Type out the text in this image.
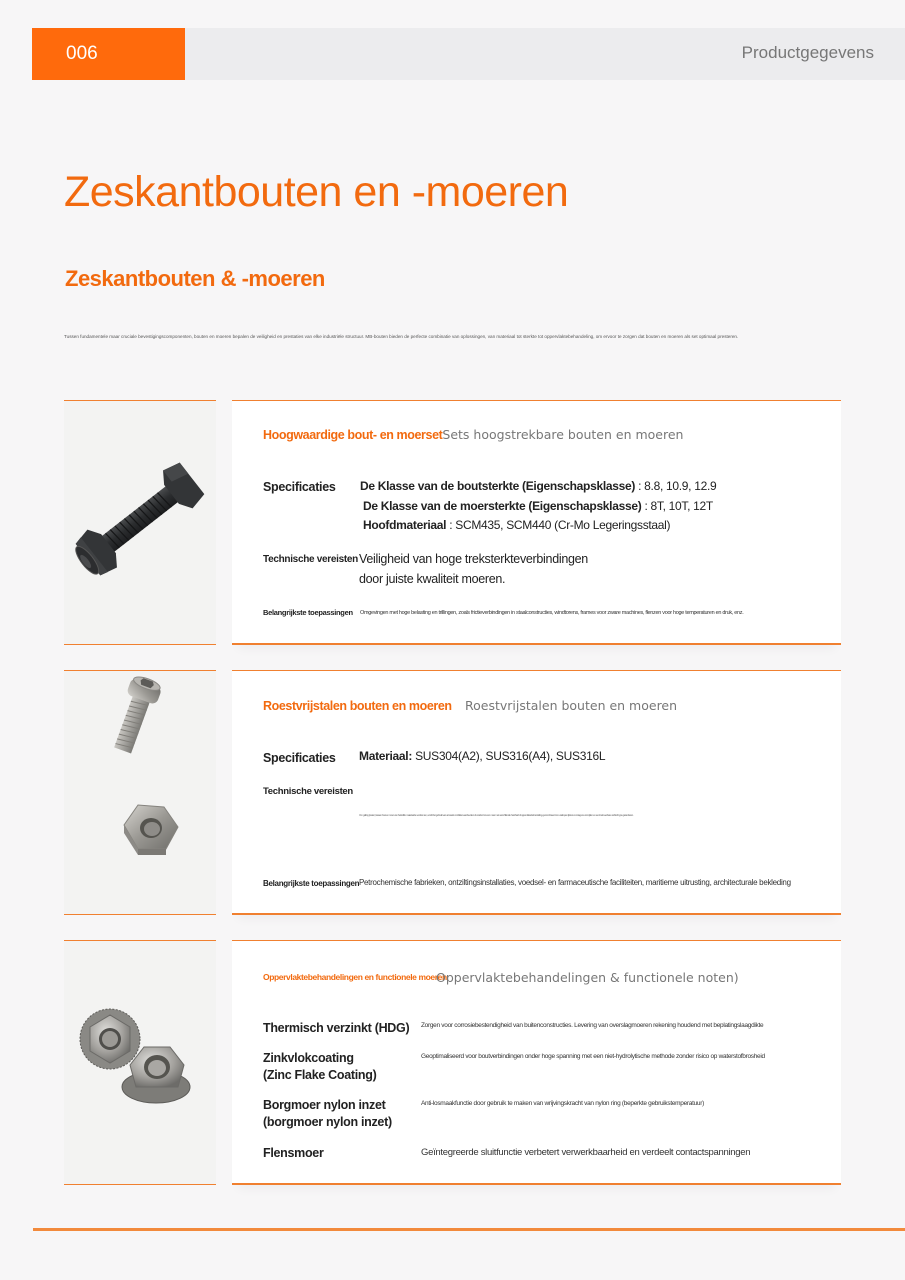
006	Productgegevens
Zeskantbouten en -moeren
Zeskantbouten & -moeren

Tussen fundamentele maar cruciale bevestigingscomponenten, bouten en moeren bepalen de veiligheid en prestaties van elke industriële structuur. MB-bouten bieden de perfecte combinatie van oplossingen, van materiaal tot sterkte tot oppervlaktebehandeling, om ervoor te zorgen dat bouten en moeren als set optimaal presteren.

Hoogwaardige bout- en moersetSets hoogstrekbare bouten en moeren
Specificaties De Klasse van de boutsterkte (Eigenschapsklasse) : 8.8, 10.9, 12.9
De Klasse van de moersterkte (Eigenschapsklasse) : 8T, 10T, 12T
Hoofdmateriaal : SCM435, SCM440 (Cr-Mo Legeringsstaal)
Technische vereisten Veiligheid van hoge treksterkteverbindingen
door juiste kwaliteit moeren.
Belangrijkste toepassingen Omgevingen met hoge belasting en trillingen, zoals frictieverbindingen in staalconstructies, windtorens, frames voor zware machines, flenzen voor hoge temperaturen en druk, enz.
Roestvrijstalen bouten en moeren Roestvrijstalen bouten en moeren
Specificaties Materiaal: SUS304(A2), SUS316(A4), SUS316L
Technische vereisten
Om galling (vreten) tussen bout en moer van hetzelfde materiaal te voorkomen, wordt het gebruik van anti-seize middelen aanbevolen of worden bout en moer met verschillende hardheid of oppervlaktebehandeling gecombineerd om vastlopen tijdens montage te vermijden en een betrouwbare verbinding te garanderen.
Belangrijkste toepassingen Petrochemische fabrieken, ontziltingsinstallaties, voedsel- en farmaceutische faciliteiten, maritieme uitrusting, architecturale bekleding
Oppervlaktebehandelingen en functionele moeren
Oppervlaktebehandelingen & functionele noten)
Thermisch verzinkt (HDG) Zorgen voor corrosiebestendigheid van buitenconstructies. Levering van overslagmoeren rekening houdend met beplatingslaagdikte
Zinkvlokcoating
(Zinc Flake Coating)
Geoptimaliseerd voor boutverbindingen onder hoge spanning met een niet-hydrolytische methode zonder risico op waterstofbrosheid
Borgmoer nylon inzet
(borgmoer nylon inzet)
Anti-losmaakfunctie door gebruik te maken van wrijvingskracht van nylon ring (beperkte gebruikstemperatuur)
Flensmoer	Geïntegreerde sluitfunctie verbetert verwerkbaarheid en verdeelt contactspanningen
